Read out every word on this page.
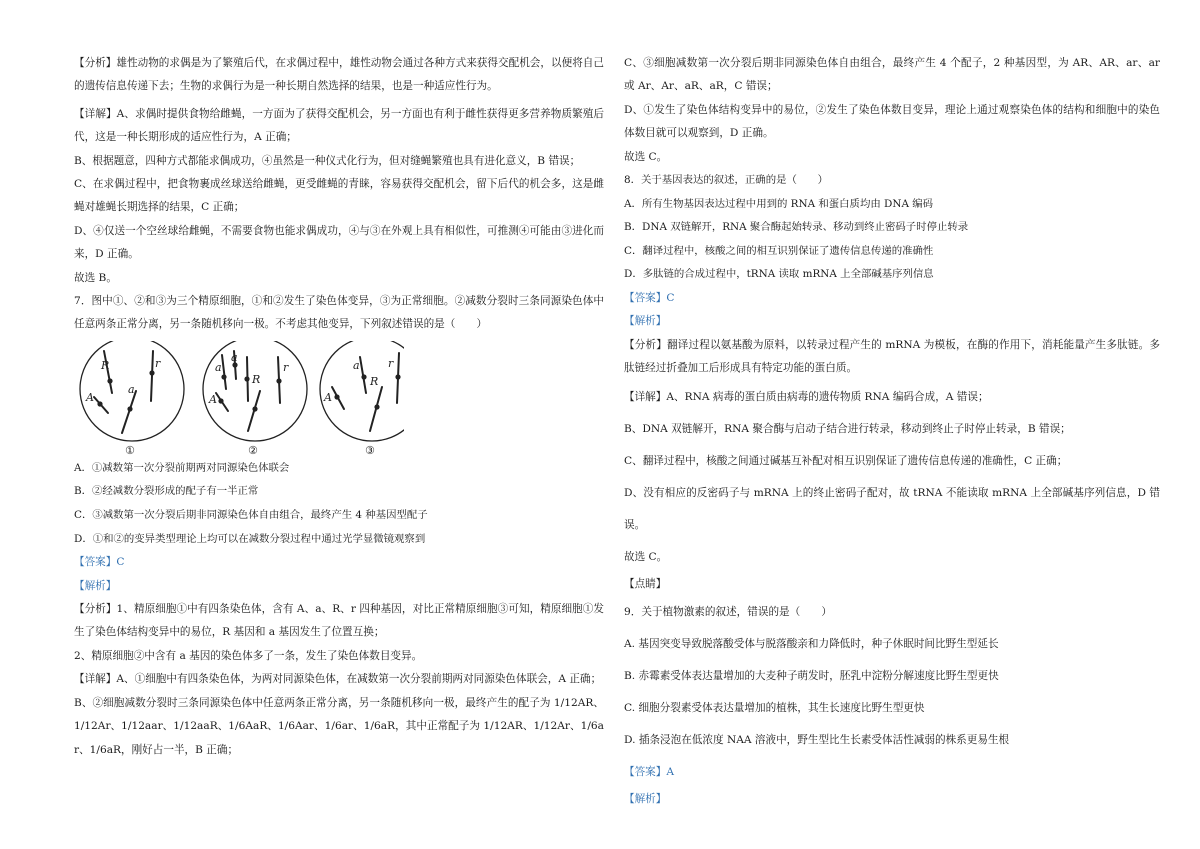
【分析】雄性动物的求偶是为了繁殖后代，在求偶过程中，雄性动物会通过各种方式来获得交配机会，以便将自己的遗传信息传递下去；生物的求偶行为是一种长期自然选择的结果，也是一种适应性行为。

【详解】A、求偶时提供食物给雌蝇，一方面为了获得交配机会，另一方面也有利于雌性获得更多营养物质繁殖后代，这是一种长期形成的适应性行为，A 正确；

B、根据题意，四种方式都能求偶成功，④虽然是一种仪式化行为，但对缝蝇繁殖也具有进化意义，B 错误；

C、在求偶过程中，把食物裹成丝球送给雌蝇，更受雌蝇的青睐，容易获得交配机会，留下后代的机会多，这是雌蝇对雄蝇长期选择的结果，C 正确；

D、④仅送一个空丝球给雌蝇，不需要食物也能求偶成功，④与③在外观上具有相似性，可推测④可能由③进化而来，D 正确。

故选 B。

7．图中①、②和③为三个精原细胞，①和②发生了染色体变异，③为正常细胞。②减数分裂时三条同源染色体中任意两条正常分离，另一条随机移向一极。不考虑其他变异，下列叙述错误的是（　　）

R	r
A
a
a
a
R
r
A
a
R
r
A
①	②	③

A．①减数第一次分裂前期两对同源染色体联会

B．②经减数分裂形成的配子有一半正常

C．③减数第一次分裂后期非同源染色体自由组合，最终产生 4 种基因型配子

D．①和②的变异类型理论上均可以在减数分裂过程中通过光学显微镜观察到

【答案】C

【解析】

【分析】1、精原细胞①中有四条染色体，含有 A、a、R、r 四种基因，对比正常精原细胞③可知，精原细胞①发生了染色体结构变异中的易位，R 基因和 a 基因发生了位置互换；

2、精原细胞②中含有 a 基因的染色体多了一条，发生了染色体数目变异。

【详解】A、①细胞中有四条染色体，为两对同源染色体，在减数第一次分裂前期两对同源染色体联会，A 正确；

B、②细胞减数分裂时三条同源染色体中任意两条正常分离，另一条随机移向一极，最终产生的配子为 1/12AR、1/12Ar、1/12aar、1/12aaR、1/6AaR、1/6Aar、1/6ar、1/6aR，其中正常配子为 1/12AR、1/12Ar、1/6ar、1/6aR，刚好占一半，B 正确；

C、③细胞减数第一次分裂后期非同源染色体自由组合，最终产生 4 个配子，2 种基因型，为 AR、AR、ar、ar 或 Ar、Ar、aR、aR，C 错误；

D、①发生了染色体结构变异中的易位，②发生了染色体数目变异，理论上通过观察染色体的结构和细胞中的染色体数目就可以观察到，D 正确。

故选 C。

8．关于基因表达的叙述，正确的是（　　）

A．所有生物基因表达过程中用到的 RNA 和蛋白质均由 DNA 编码

B．DNA 双链解开，RNA 聚合酶起始转录、移动到终止密码子时停止转录

C．翻译过程中，核酸之间的相互识别保证了遗传信息传递的准确性

D．多肽链的合成过程中，tRNA 读取 mRNA 上全部碱基序列信息

【答案】C

【解析】

【分析】翻译过程以氨基酸为原料，以转录过程产生的 mRNA 为模板，在酶的作用下，消耗能量产生多肽链。多肽链经过折叠加工后形成具有特定功能的蛋白质。

【详解】A、RNA 病毒的蛋白质由病毒的遗传物质 RNA 编码合成，A 错误；

B、DNA 双链解开，RNA 聚合酶与启动子结合进行转录，移动到终止子时停止转录，B 错误；

C、翻译过程中，核酸之间通过碱基互补配对相互识别保证了遗传信息传递的准确性，C 正确；

D、没有相应的反密码子与 mRNA 上的终止密码子配对，故 tRNA 不能读取 mRNA 上全部碱基序列信息，D 错误。

故选 C。

【点睛】

9．关于植物激素的叙述，错误的是（　　）

A. 基因突变导致脱落酸受体与脱落酸亲和力降低时，种子休眠时间比野生型延长

B. 赤霉素受体表达量增加的大麦种子萌发时，胚乳中淀粉分解速度比野生型更快

C. 细胞分裂素受体表达量增加的植株，其生长速度比野生型更快

D. 插条浸泡在低浓度 NAA 溶液中，野生型比生长素受体活性减弱的株系更易生根

【答案】A

【解析】
